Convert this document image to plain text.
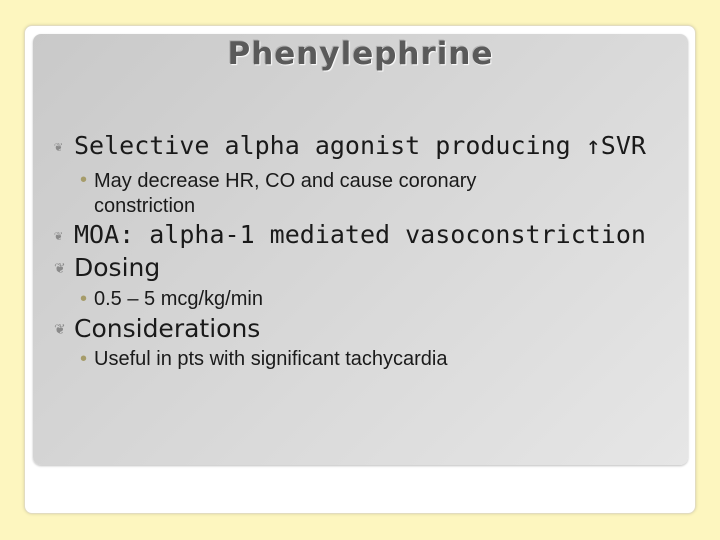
Phenylephrine
❦ Selective alpha agonist producing ↑SVR
• May decrease HR, CO and cause coronary constriction
❦ MOA: alpha-1 mediated vasoconstriction
❦ Dosing
• 0.5 – 5 mcg/kg/min
❦ Considerations
• Useful in pts with significant tachycardia
